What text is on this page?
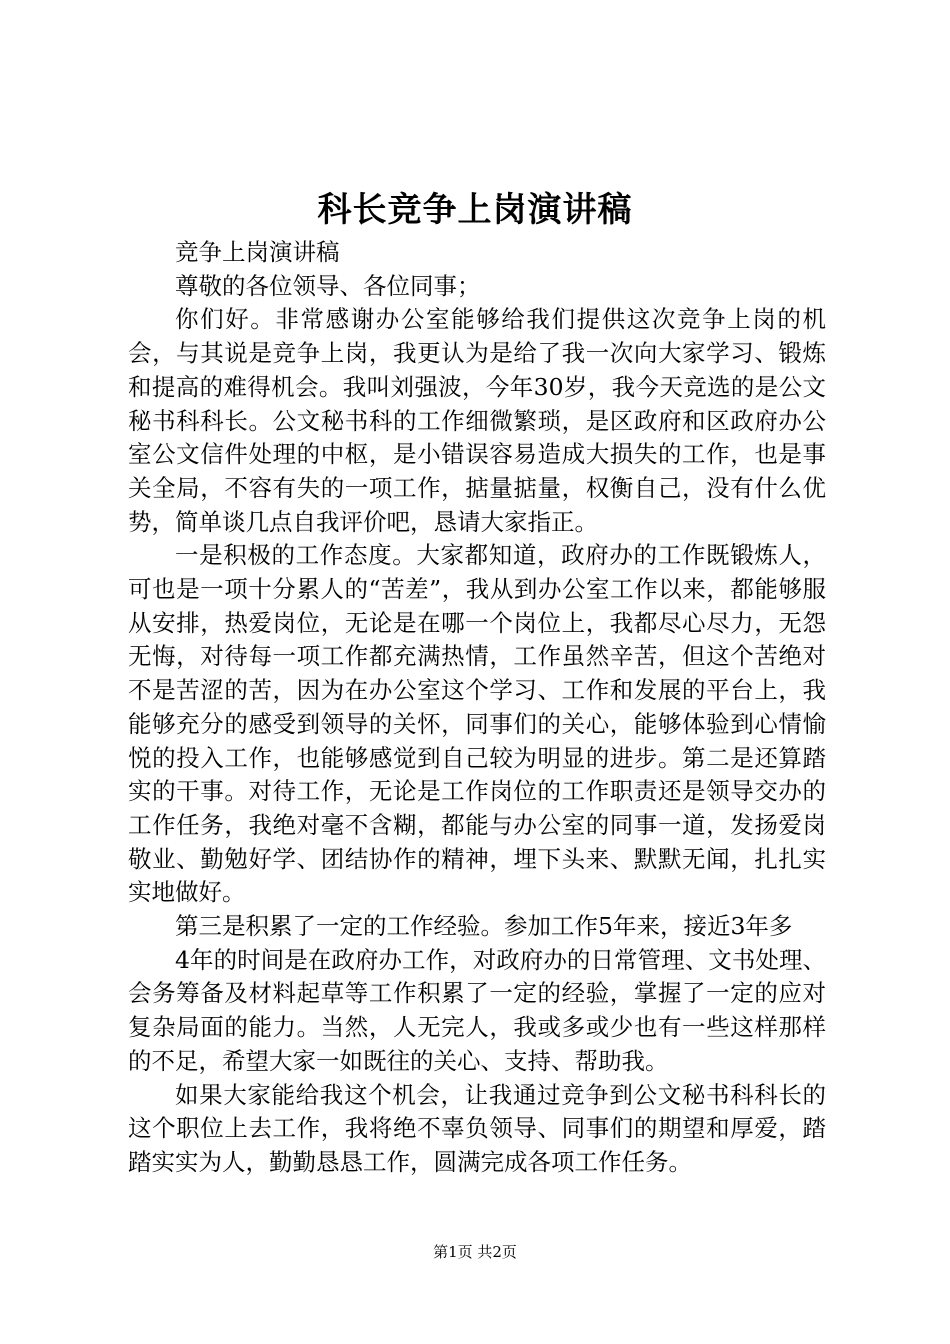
科长竞争上岗演讲稿

竞争上岗演讲稿

尊敬的各位领导、各位同事；

你们好。非常感谢办公室能够给我们提供这次竞争上岗的机会，与其说是竞争上岗，我更认为是给了我一次向大家学习、锻炼和提高的难得机会。我叫刘强波，今年30岁，我今天竞选的是公文秘书科科长。公文秘书科的工作细微繁琐，是区政府和区政府办公室公文信件处理的中枢，是小错误容易造成大损失的工作，也是事关全局，不容有失的一项工作，掂量掂量，权衡自己，没有什么优势，简单谈几点自我评价吧，恳请大家指正。

一是积极的工作态度。大家都知道，政府办的工作既锻炼人，可也是一项十分累人的“苦差”，我从到办公室工作以来，都能够服从安排，热爱岗位，无论是在哪一个岗位上，我都尽心尽力，无怨无悔，对待每一项工作都充满热情，工作虽然辛苦，但这个苦绝对不是苦涩的苦，因为在办公室这个学习、工作和发展的平台上，我能够充分的感受到领导的关怀，同事们的关心，能够体验到心情愉悦的投入工作，也能够感觉到自己较为明显的进步。第二是还算踏实的干事。对待工作，无论是工作岗位的工作职责还是领导交办的工作任务，我绝对毫不含糊，都能与办公室的同事一道，发扬爱岗敬业、勤勉好学、团结协作的精神，埋下头来、默默无闻，扎扎实实地做好。

第三是积累了一定的工作经验。参加工作5年来，接近3年多

4年的时间是在政府办工作，对政府办的日常管理、文书处理、会务筹备及材料起草等工作积累了一定的经验，掌握了一定的应对复杂局面的能力。当然，人无完人，我或多或少也有一些这样那样的不足，希望大家一如既往的关心、支持、帮助我。

如果大家能给我这个机会，让我通过竞争到公文秘书科科长的这个职位上去工作，我将绝不辜负领导、同事们的期望和厚爱，踏踏实实为人，勤勤恳恳工作，圆满完成各项工作任务。

第1页 共2页
